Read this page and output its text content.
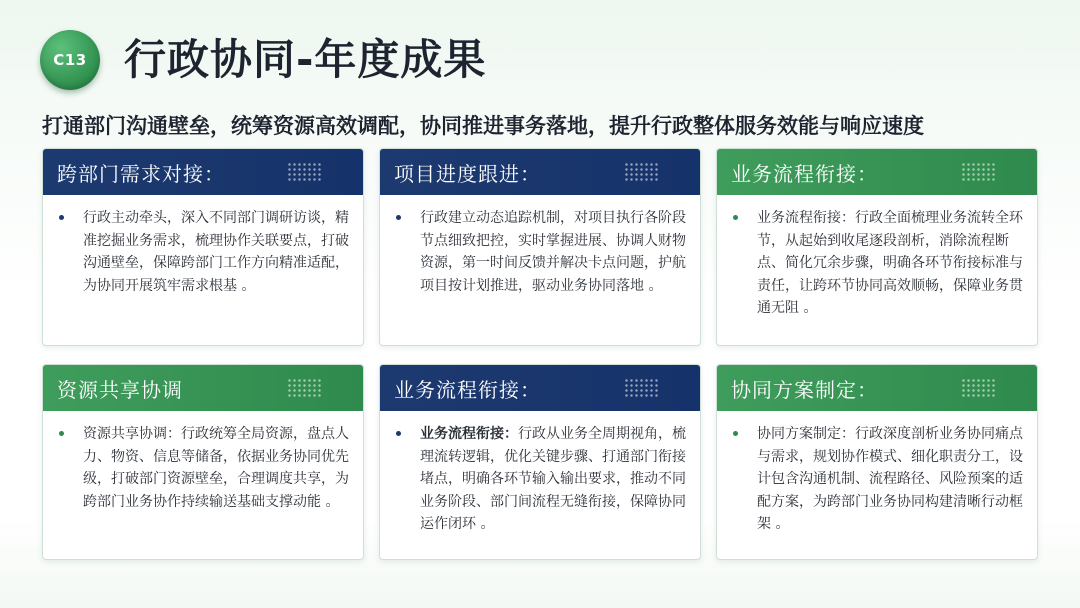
C13 行政协同-年度成果
打通部门沟通壁垒，统筹资源高效调配，协同推进事务落地，提升行政整体服务效能与响应速度
跨部门需求对接：
行政主动牵头，深入不同部门调研访谈，精准挖掘业务需求，梳理协作关联要点，打破沟通壁垒，保障跨部门工作方向精准适配，为协同开展筑牢需求根基 。
项目进度跟进：
行政建立动态追踪机制，对项目执行各阶段节点细致把控，实时掌握进展、协调人财物资源，第一时间反馈并解决卡点问题，护航项目按计划推进，驱动业务协同落地 。
业务流程衔接：
业务流程衔接：行政全面梳理业务流转全环节，从起始到收尾逐段剖析，消除流程断点、简化冗余步骤，明确各环节衔接标准与责任，让跨环节协同高效顺畅，保障业务贯通无阻 。
资源共享协调
资源共享协调：行政统筹全局资源，盘点人力、物资、信息等储备，依据业务协同优先级，打破部门资源壁垒，合理调度共享，为跨部门业务协作持续输送基础支撑动能 。
业务流程衔接：
业务流程衔接：行政从业务全周期视角，梳理流转逻辑，优化关键步骤、打通部门衔接堵点，明确各环节输入输出要求，推动不同业务阶段、部门间流程无缝衔接，保障协同运作闭环 。
协同方案制定：
协同方案制定：行政深度剖析业务协同痛点与需求，规划协作模式、细化职责分工，设计包含沟通机制、流程路径、风险预案的适配方案，为跨部门业务协同构建清晰行动框架 。
